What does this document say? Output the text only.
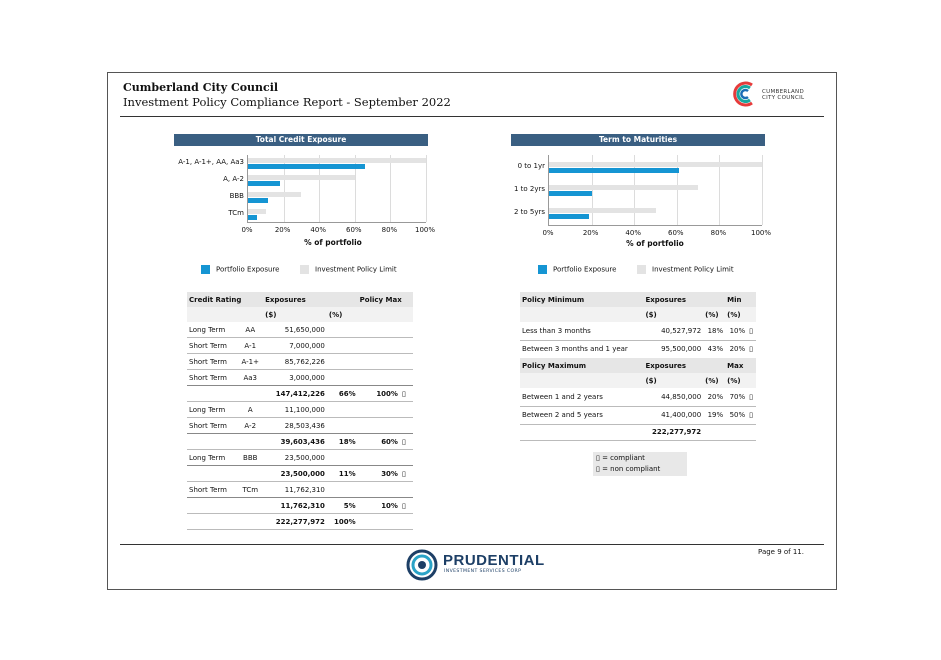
Cumberland City Council
Investment Policy Compliance Report - September 2022
CUMBERLAND
CITY COUNCIL
Total Credit Exposure
0%	20%	40%	60%	80%	100%
A-1, A-1+, AA, Aa3
A, A-2
BBB
TCm
% of portfolio
Portfolio Exposure	Investment Policy Limit
Term to Maturities
0%	20%	40%	60%	80%	100%
0 to 1yr
1 to 2yrs
2 to 5yrs
% of portfolio
Portfolio Exposure	Investment Policy Limit
Credit Rating		Exposures		Policy Max	
		($)	(%)		
Long Term	AA	51,650,000			
Short Term	A-1	7,000,000			
Short Term	A-1+	85,762,226			
Short Term	Aa3	3,000,000			
		147,412,226	66%	100%	▯
Long Term	A	11,100,000			
Short Term	A-2	28,503,436			
		39,603,436	18%	60%	▯
Long Term	BBB	23,500,000			
		23,500,000	11%	30%	▯
Short Term	TCm	11,762,310			
		11,762,310	5%	10%	▯
		222,277,972	100%		
Policy Minimum	Exposures		Min	
	($)	(%)	(%)	
Less than 3 months	40,527,972	18%	10%	▯
Between 3 months and 1 year	95,500,000	43%	20%	▯
Policy Maximum	Exposures		Max	
	($)	(%)	(%)	
Between 1 and 2 years	44,850,000	20%	70%	▯
Between 2 and 5 years	41,400,000	19%	50%	▯
	222,277,972			
▯ = compliant
▯ = non compliant
Page 9 of 11.
PRUDENTIAL
INVESTMENT SERVICES CORP
